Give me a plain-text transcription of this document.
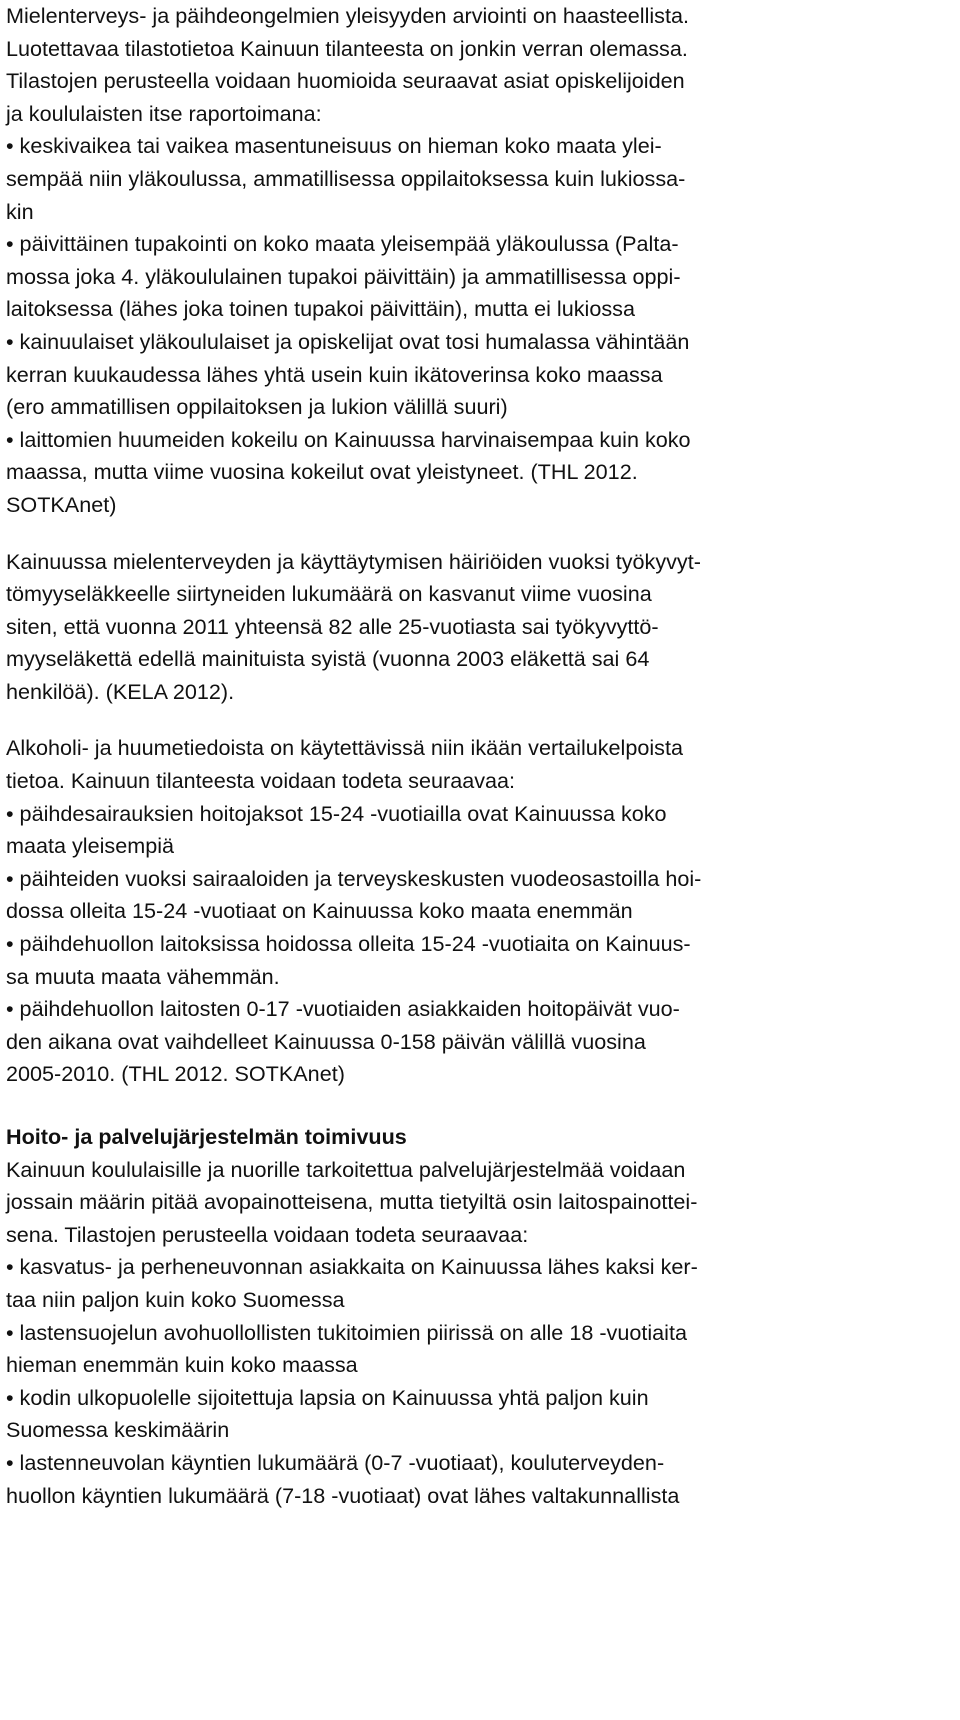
Mielenterveys- ja päihdeongelmien yleisyyden arviointi on haasteellista.

Luotettavaa tilastotietoa Kainuun tilanteesta on jonkin verran olemassa.

Tilastojen perusteella voidaan huomioida seuraavat asiat opiskelijoiden

ja koululaisten itse raportoimana:

• keskivaikea tai vaikea masentuneisuus on hieman koko maata ylei-

sempää niin yläkoulussa, ammatillisessa oppilaitoksessa kuin lukiossa-

kin

• päivittäinen tupakointi on koko maata yleisempää yläkoulussa (Palta-

mossa joka 4. yläkoululainen tupakoi päivittäin) ja ammatillisessa oppi-

laitoksessa (lähes joka toinen tupakoi päivittäin), mutta ei lukiossa

• kainuulaiset yläkoululaiset ja opiskelijat ovat tosi humalassa vähintään

kerran kuukaudessa lähes yhtä usein kuin ikätoverinsa koko maassa

(ero ammatillisen oppilaitoksen ja lukion välillä suuri)

• laittomien huumeiden kokeilu on Kainuussa harvinaisempaa kuin koko

maassa, mutta viime vuosina kokeilut ovat yleistyneet. (THL 2012.

SOTKAnet)

Kainuussa mielenterveyden ja käyttäytymisen häiriöiden vuoksi työkyvyt-

tömyyseläkkeelle siirtyneiden lukumäärä on kasvanut viime vuosina

siten, että vuonna 2011 yhteensä 82 alle 25-vuotiasta sai työkyvyttö-

myyseläkettä edellä mainituista syistä (vuonna 2003 eläkettä sai 64

henkilöä). (KELA 2012).

Alkoholi- ja huumetiedoista on käytettävissä niin ikään vertailukelpoista

tietoa. Kainuun tilanteesta voidaan todeta seuraavaa:

• päihdesairauksien hoitojaksot 15-24 -vuotiailla ovat Kainuussa koko

maata yleisempiä

• päihteiden vuoksi sairaaloiden ja terveyskeskusten vuodeosastoilla hoi-

dossa olleita 15-24 -vuotiaat on Kainuussa koko maata enemmän

• päihdehuollon laitoksissa hoidossa olleita 15-24 -vuotiaita on Kainuus-

sa muuta maata vähemmän.

• päihdehuollon laitosten 0-17 -vuotiaiden asiakkaiden hoitopäivät vuo-

den aikana ovat vaihdelleet Kainuussa 0-158 päivän välillä vuosina

2005-2010. (THL 2012. SOTKAnet)

Hoito- ja palvelujärjestelmän toimivuus

Kainuun koululaisille ja nuorille tarkoitettua palvelujärjestelmää voidaan

jossain määrin pitää avopainotteisena, mutta tietyiltä osin laitospainottei-

sena. Tilastojen perusteella voidaan todeta seuraavaa:

• kasvatus- ja perheneuvonnan asiakkaita on Kainuussa lähes kaksi ker-

taa niin paljon kuin koko Suomessa

• lastensuojelun avohuollollisten tukitoimien piirissä on alle 18 -vuotiaita

hieman enemmän kuin koko maassa

• kodin ulkopuolelle sijoitettuja lapsia on Kainuussa yhtä paljon kuin

Suomessa keskimäärin

• lastenneuvolan käyntien lukumäärä (0-7 -vuotiaat), kouluterveyden-

huollon käyntien lukumäärä (7-18 -vuotiaat) ovat lähes valtakunnallista
